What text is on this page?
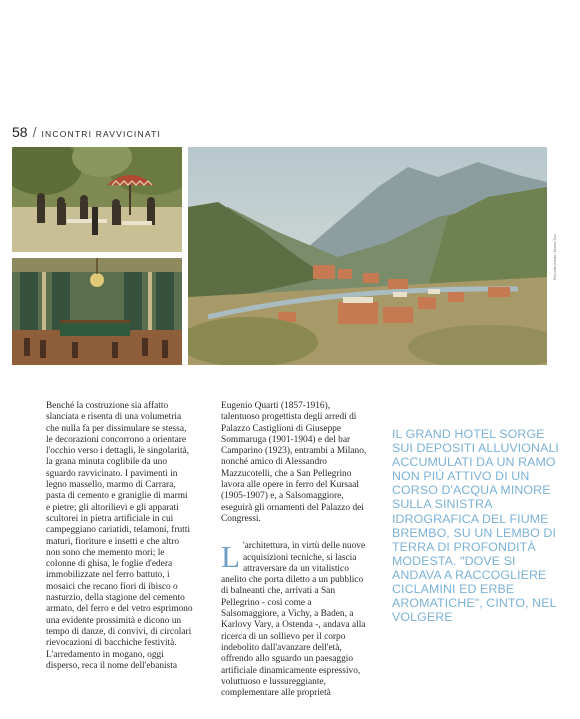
58 / INCONTRI RAVVICINATI
Raccolta privata / Museo Tipo

Benché la costruzione sia affatto slanciata e risenta di una volumetria che nulla fa per dissimulare se stessa, le decorazioni concorrono a orientare l'occhio verso i dettagli, le singolarità, la grana minuta coglibile da uno sguardo ravvicinato. I pavimenti in legno massello, marmo di Carrara, pasta di cemento e graniglie di marmi e pietre; gli altorilievi e gli apparati scultorei in pietra artificiale in cui campeggiano cariatidi, telamoni, frutti maturi, fioriture e insetti e che altro non sono che memento mori; le colonne di ghisa, le foglie d'edera immobilizzate nel ferro battuto, i mosaici che recano fiori di ibisco o nasturzio, della stagione del cemento armato, del ferro e del vetro esprimono una evidente prossimità e dicono un tempo di danze, di convivi, di circolari rievocazioni di bacchiche festività. L'arredamento in mogano, oggi disperso, reca il nome dell'ebanista

Eugenio Quarti (1857-1916), talentuoso progettista degli arredi di Palazzo Castiglioni di Giuseppe Sommaruga (1901-1904) e del bar Camparino (1923), entrambi a Milano, nonché amico di Alessandro Mazzucotelli, che a San Pellegrino lavora alle opere in ferro del Kursaal (1905-1907) e, a Salsomaggiore, eseguirà gli ornamenti del Palazzo dei Congressi.

L 'architettura, in virtù delle nuove acquisizioni tecniche, si lascia attraversare da un vitalistico anelito che porta diletto a un pubblico di balneanti che, arrivati a San Pellegrino - così come a Salsomaggiore, a Vichy, a Baden, a Karlovy Vary, a Ostenda -, andava alla ricerca di un sollievo per il corpo indebolito dall'avanzare dell'età, offrendo allo sguardo un paesaggio artificiale dinamicamente espressivo, voluttuoso e lussureggiante, complementare alle proprietà

IL GRAND HOTEL SORGE SUI DEPOSITI ALLUVIONALI ACCUMULATI DA UN RAMO NON PIÙ ATTIVO DI UN CORSO D'ACQUA MINORE SULLA SINISTRA IDROGRAFICA DEL FIUME BREMBO, SU UN LEMBO DI TERRA DI PROFONDITÀ MODESTA. "DOVE SI ANDAVA A RACCOGLIERE CICLAMINI ED ERBE AROMATICHE", CINTO, NEL VOLGERE
